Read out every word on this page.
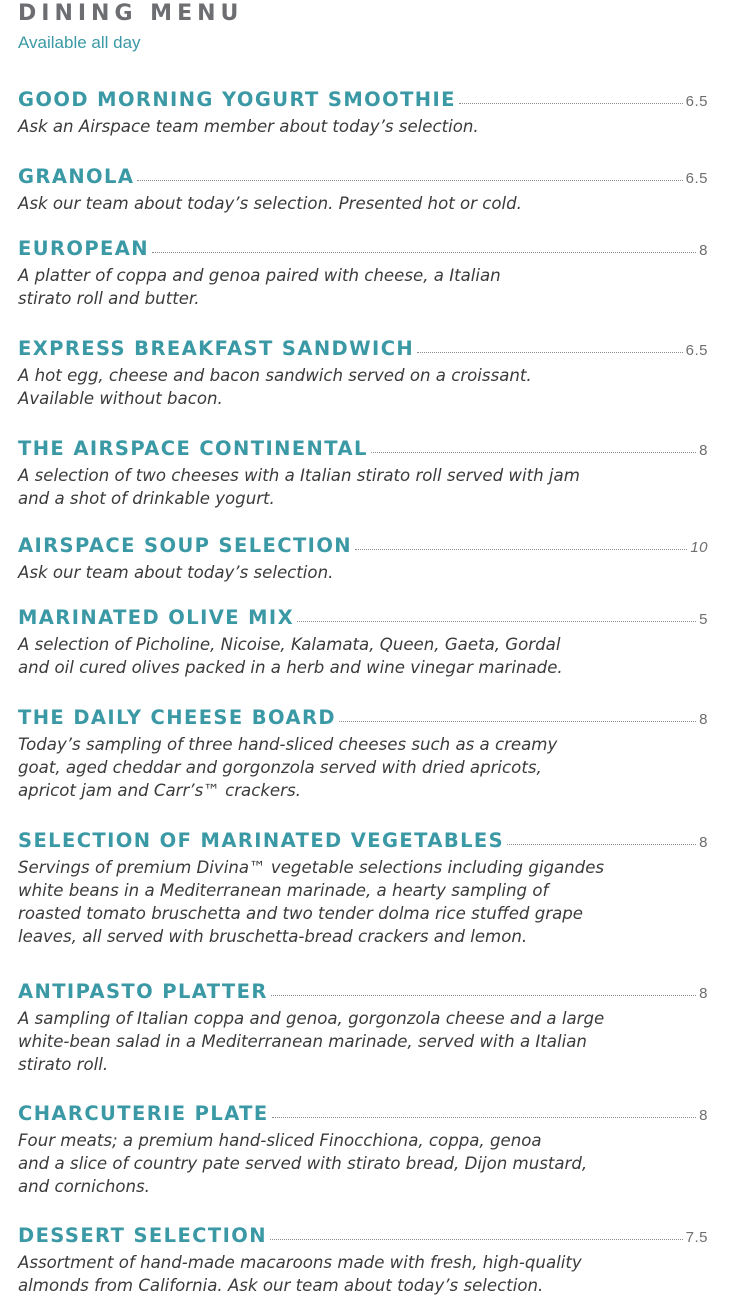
DINING MENU
Available all day
GOOD MORNING YOGURT SMOOTHIE	6.5
Ask an Airspace team member about today’s selection.
GRANOLA	6.5
Ask our team about today’s selection. Presented hot or cold.
EUROPEAN	8
A platter of coppa and genoa paired with cheese, a Italian
stirato roll and butter.
EXPRESS BREAKFAST SANDWICH	6.5
A hot egg, cheese and bacon sandwich served on a croissant.
Available without bacon.
THE AIRSPACE CONTINENTAL	8
A selection of two cheeses with a Italian stirato roll served with jam
and a shot of drinkable yogurt.
AIRSPACE SOUP SELECTION	10
Ask our team about today’s selection.
MARINATED OLIVE MIX	5
A selection of Picholine, Nicoise, Kalamata, Queen, Gaeta, Gordal
and oil cured olives packed in a herb and wine vinegar marinade.
THE DAILY CHEESE BOARD	8
Today’s sampling of three hand-sliced cheeses such as a creamy
goat, aged cheddar and gorgonzola served with dried apricots,
apricot jam and Carr’s™ crackers.
SELECTION OF MARINATED VEGETABLES	8
Servings of premium Divina™ vegetable selections including gigandes
white beans in a Mediterranean marinade, a hearty sampling of
roasted tomato bruschetta and two tender dolma rice stuffed grape
leaves, all served with bruschetta-bread crackers and lemon.
ANTIPASTO PLATTER	8
A sampling of Italian coppa and genoa, gorgonzola cheese and a large
white-bean salad in a Mediterranean marinade, served with a Italian
stirato roll.
CHARCUTERIE PLATE	8
Four meats; a premium hand-sliced Finocchiona, coppa, genoa
and a slice of country pate served with stirato bread, Dijon mustard,
and cornichons.
DESSERT SELECTION	7.5
Assortment of hand-made macaroons made with fresh, high-quality
almonds from California. Ask our team about today’s selection.
